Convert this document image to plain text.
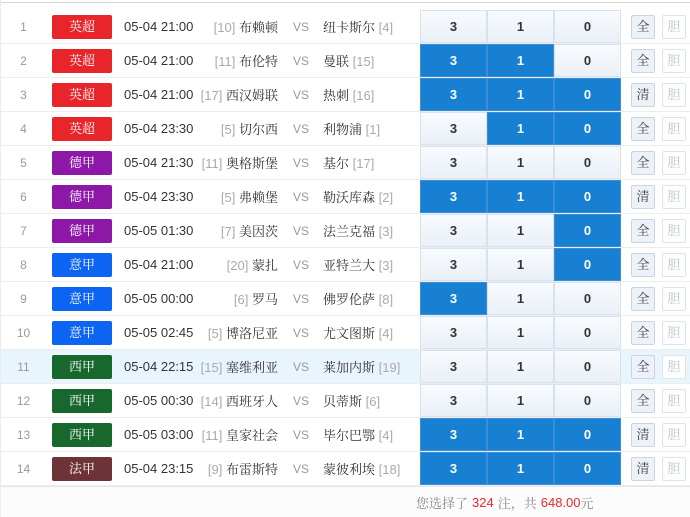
1	英超	05-04 21:00	[10] 布赖顿	VS	纽卡斯尔 [4]	3	1	0	全	胆
2	英超	05-04 21:00	[11] 布伦特	VS	曼联 [15]	3	1	0	全	胆
3	英超	05-04 21:00 [17] 西汉姆联	VS	热刺 [16]	3	1	0	清	胆
4	英超	05-04 23:30	[5] 切尔西	VS	利物浦 [1]	3	1	0	全	胆
5	德甲	05-04 21:30 [11] 奥格斯堡	VS	基尔 [17]	3	1	0	全	胆
6	德甲	05-04 23:30	[5] 弗赖堡	VS	勒沃库森 [2]	3	1	0	清	胆
7	德甲	05-05 01:30	[7] 美因茨	VS	法兰克福 [3]	3	1	0	全	胆
8	意甲	05-04 21:00	[20] 蒙扎	VS	亚特兰大 [3]	3	1	0	全	胆
9	意甲	05-05 00:00	[6] 罗马	VS	佛罗伦萨 [8]	3	1	0	全	胆
10	意甲	05-05 02:45	[5] 博洛尼亚	VS	尤文图斯 [4]	3	1	0	全	胆
11	西甲	05-04 22:15 [15] 塞维利亚	VS	莱加内斯 [19]	3	1	0	全	胆
12	西甲	05-05 00:30 [14] 西班牙人	VS	贝蒂斯 [6]	3	1	0	全	胆
13	西甲	05-05 03:00 [11] 皇家社会	VS	毕尔巴鄂 [4]	3	1	0	清	胆
14	法甲	05-04 23:15	[9] 布雷斯特	VS	蒙彼利埃 [18]	3	1	0	清	胆
您选择了 324 注，共 648.00 元
